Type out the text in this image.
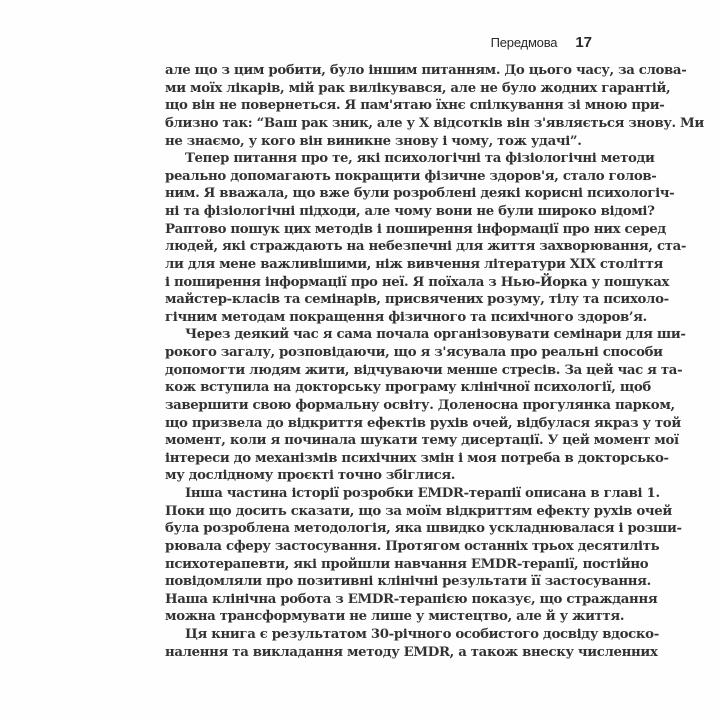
Передмова 17

але що з цим робити, було іншим питанням. До цього часу, за слова-
ми моїх лікарів, мій рак вилікувався, але не було жодних гарантій,
що він не повернеться. Я пам'ятаю їхнє спілкування зі мною при-
близно так: “Ваш рак зник, але у Х відсотків він з'являється знову. Ми
не знаємо, у кого він виникне знову і чому, тож удачі”.

Тепер питання про те, які психологічні та фізіологічні методи
реально допомагають покращити фізичне здоров'я, стало голов-
ним. Я вважала, що вже були розроблені деякі корисні психологіч-
ні та фізіологічні підходи, але чому вони не були широко відомі?
Раптово пошук цих методів і поширення інформації про них серед
людей, які страждають на небезпечні для життя захворювання, ста-
ли для мене важливішими, ніж вивчення літератури XIX століття
і поширення інформації про неї. Я поїхала з Нью-Йорка у пошуках
майстер-класів та семінарів, присвячених розуму, тілу та психоло-
гічним методам покращення фізичного та психічного здоров’я.

Через деякий час я сама почала організовувати семінари для ши-
рокого загалу, розповідаючи, що я з'ясувала про реальні способи
допомогти людям жити, відчуваючи менше стресів. За цей час я та-
кож вступила на докторську програму клінічної психології, щоб
завершити свою формальну освіту. Доленосна прогулянка парком,
що призвела до відкриття ефектів рухів очей, відбулася якраз у той
момент, коли я починала шукати тему дисертації. У цей момент мої
інтереси до механізмів психічних змін і моя потреба в докторсько-
му дослідному проєкті точно збіглися.

Інша частина історії розробки EMDR-терапії описана в главі 1.
Поки що досить сказати, що за моїм відкриттям ефекту рухів очей
була розроблена методологія, яка швидко ускладнювалася і розши-
рювала сферу застосування. Протягом останніх трьох десятиліть
психотерапевти, які пройшли навчання EMDR-терапії, постійно
повідомляли про позитивні клінічні результати її застосування.
Наша клінічна робота з EMDR-терапією показує, що страждання
можна трансформувати не лише у мистецтво, але й у життя.

Ця книга є результатом 30-річного особистого досвіду вдоско-
налення та викладання методу EMDR, а також внеску численних
